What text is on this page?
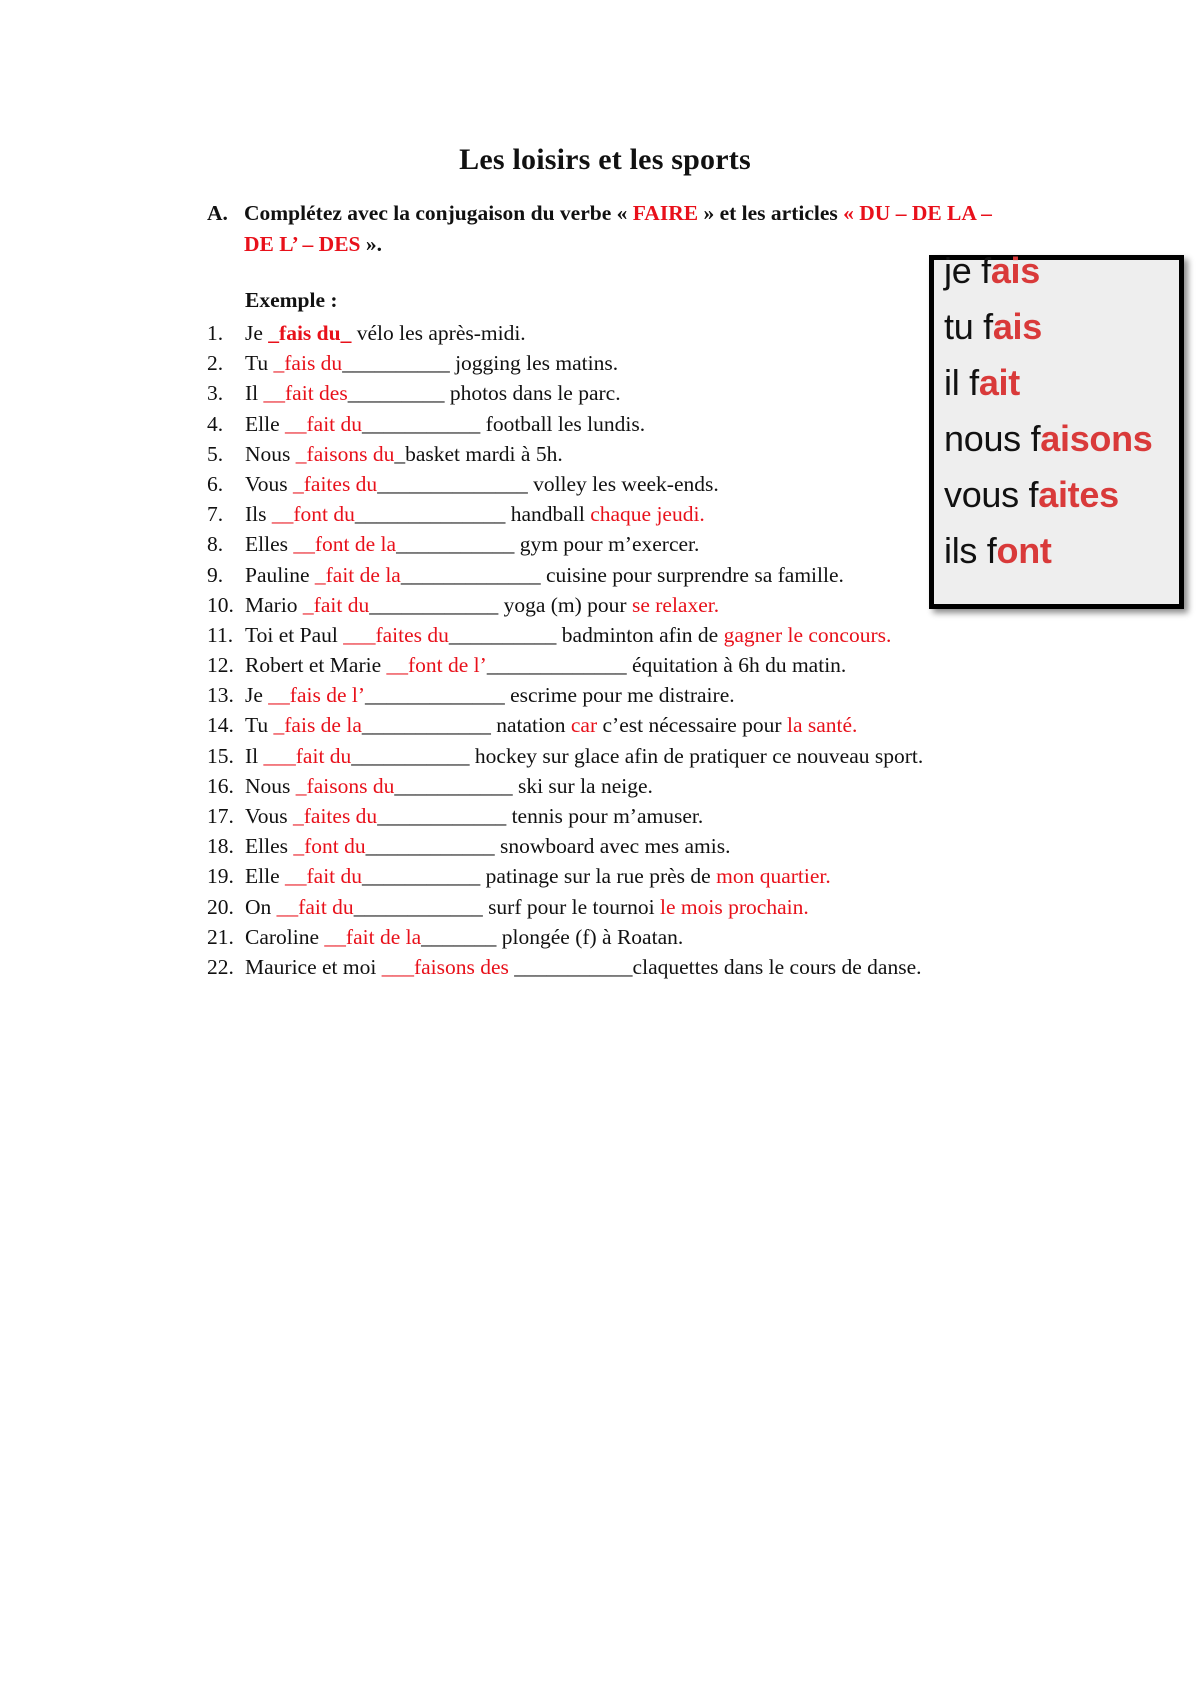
Les loisirs et les sports
A. Complétez avec la conjugaison du verbe « FAIRE » et les articles « DU – DE LA – DE L’ – DES ».
Exemple :
1. Je _fais du_ vélo les après-midi.
2. Tu _fais du__________ jogging les matins.
3. Il __fait des_________ photos dans le parc.
4. Elle __fait du___________ football les lundis.
5. Nous _faisons du_basket mardi à 5h.
6. Vous _faites du______________ volley les week-ends.
7. Ils __font du______________ handball chaque jeudi.
8. Elles __font de la___________ gym pour m’exercer.
9. Pauline _fait de la_____________ cuisine pour surprendre sa famille.
10. Mario _fait du____________ yoga (m) pour se relaxer.
11. Toi et Paul ___faites du__________ badminton afin de gagner le concours.
12. Robert et Marie __font de l’_____________ équitation à 6h du matin.
13. Je __fais de l’_____________ escrime pour me distraire.
14. Tu _fais de la____________ natation car c’est nécessaire pour la santé.
15. Il ___fait du___________ hockey sur glace afin de pratiquer ce nouveau sport.
16. Nous _faisons du___________ ski sur la neige.
17. Vous _faites du____________ tennis pour m’amuser.
18. Elles _font du____________ snowboard avec mes amis.
19. Elle __fait du___________ patinage sur la rue près de mon quartier.
20. On __fait du____________ surf pour le tournoi le mois prochain.
21. Caroline __fait de la_______ plongée (f) à Roatan.
22. Maurice et moi ___faisons des ___________claquettes dans le cours de danse.
je fais
tu fais
il fait
nous faisons
vous faites
ils font
